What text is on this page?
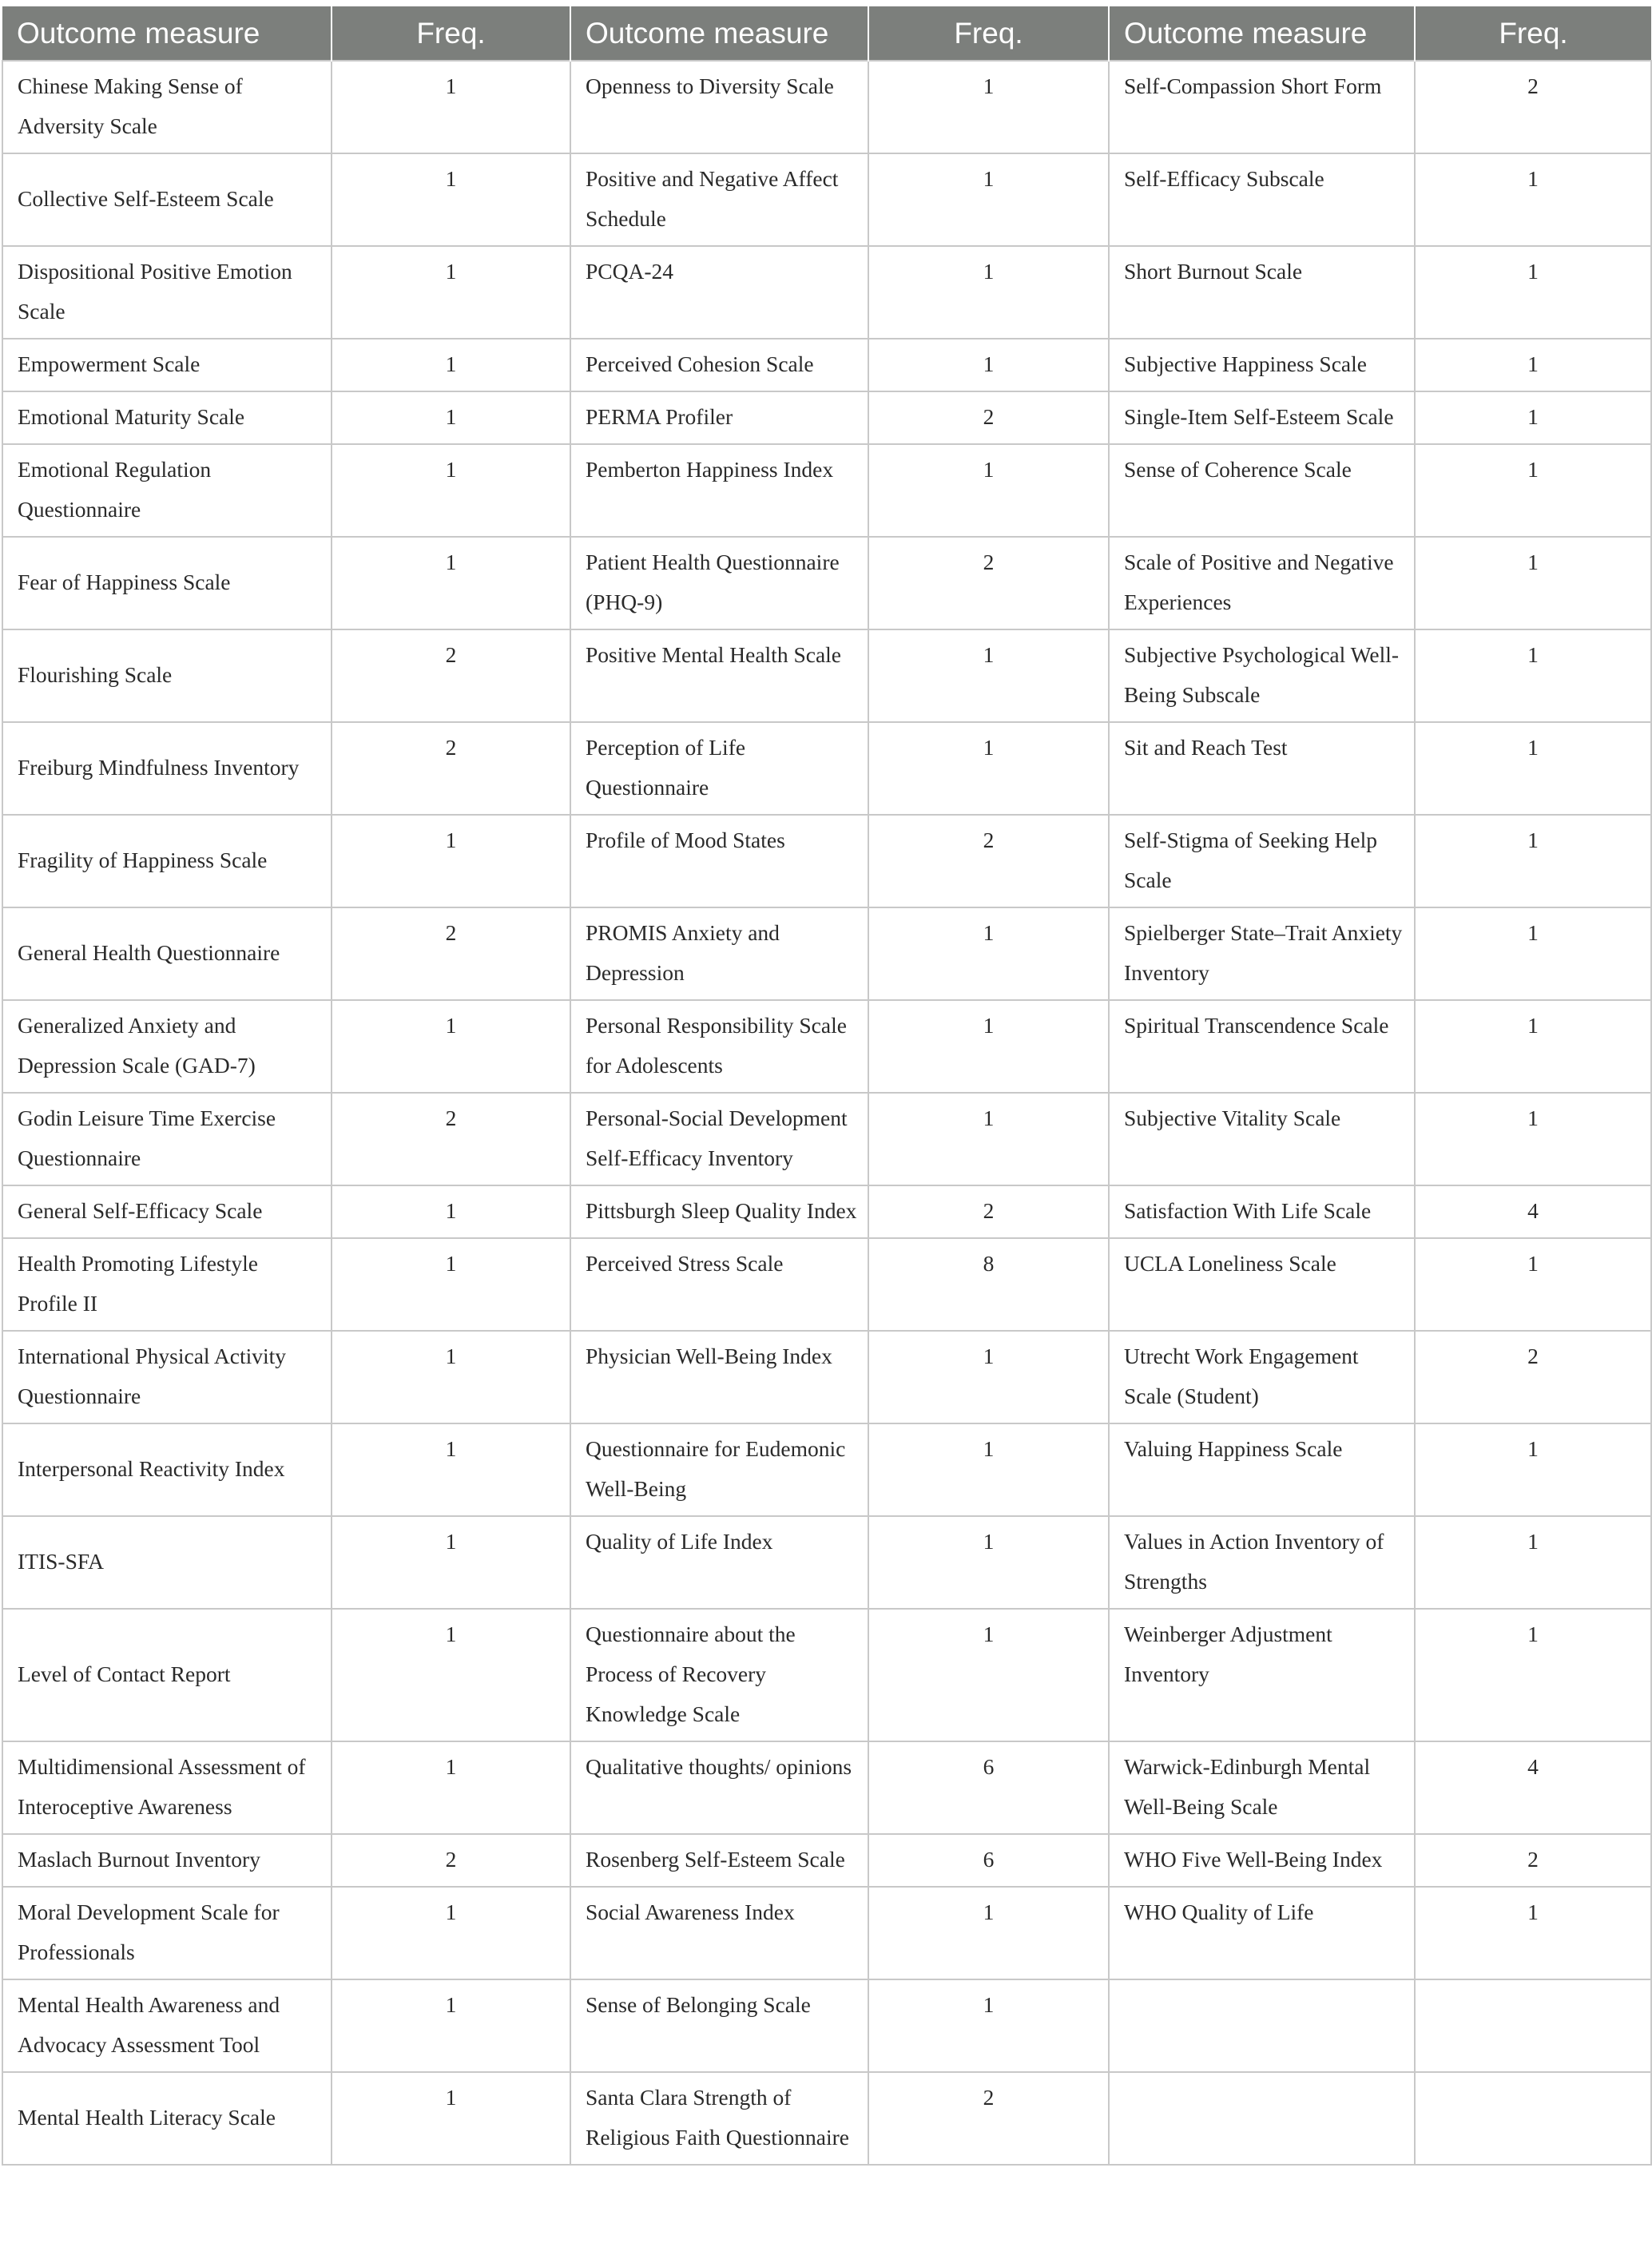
Outcome measure	Freq.	Outcome measure	Freq.	Outcome measure	Freq.
Chinese Making Sense of Adversity Scale	1	Openness to Diversity Scale	1	Self-Compassion Short Form	2
Collective Self-Esteem Scale	1	Positive and Negative Affect Schedule	1	Self-Efficacy Subscale	1
Dispositional Positive Emotion Scale	1	PCQA-24	1	Short Burnout Scale	1
Empowerment Scale	1	Perceived Cohesion Scale	1	Subjective Happiness Scale	1
Emotional Maturity Scale	1	PERMA Profiler	2	Single-Item Self-Esteem Scale	1
Emotional Regulation Questionnaire	1	Pemberton Happiness Index	1	Sense of Coherence Scale	1
Fear of Happiness Scale	1	Patient Health Questionnaire (PHQ-9)	2	Scale of Positive and Negative Experiences	1
Flourishing Scale	2	Positive Mental Health Scale	1	Subjective Psychological Well-Being Subscale	1
Freiburg Mindfulness Inventory	2	Perception of Life Questionnaire	1	Sit and Reach Test	1
Fragility of Happiness Scale	1	Profile of Mood States	2	Self-Stigma of Seeking Help Scale	1
General Health Questionnaire	2	PROMIS Anxiety and Depression	1	Spielberger State–Trait Anxiety Inventory	1
Generalized Anxiety and Depression Scale (GAD-7)	1	Personal Responsibility Scale for Adolescents	1	Spiritual Transcendence Scale	1
Godin Leisure Time Exercise Questionnaire	2	Personal-Social Development Self-Efficacy Inventory	1	Subjective Vitality Scale	1
General Self-Efficacy Scale	1	Pittsburgh Sleep Quality Index	2	Satisfaction With Life Scale	4
Health Promoting Lifestyle Profile II	1	Perceived Stress Scale	8	UCLA Loneliness Scale	1
International Physical Activity Questionnaire	1	Physician Well-Being Index	1	Utrecht Work Engagement Scale (Student)	2
Interpersonal Reactivity Index	1	Questionnaire for Eudemonic Well-Being	1	Valuing Happiness Scale	1
ITIS-SFA	1	Quality of Life Index	1	Values in Action Inventory of Strengths	1
Level of Contact Report	1	Questionnaire about the Process of Recovery Knowledge Scale	1	Weinberger Adjustment Inventory	1
Multidimensional Assessment of Interoceptive Awareness	1	Qualitative thoughts/ opinions	6	Warwick-Edinburgh Mental Well-Being Scale	4
Maslach Burnout Inventory	2	Rosenberg Self-Esteem Scale	6	WHO Five Well-Being Index	2
Moral Development Scale for Professionals	1	Social Awareness Index	1	WHO Quality of Life	1
Mental Health Awareness and Advocacy Assessment Tool	1	Sense of Belonging Scale	1		
Mental Health Literacy Scale	1	Santa Clara Strength of Religious Faith Questionnaire	2		
